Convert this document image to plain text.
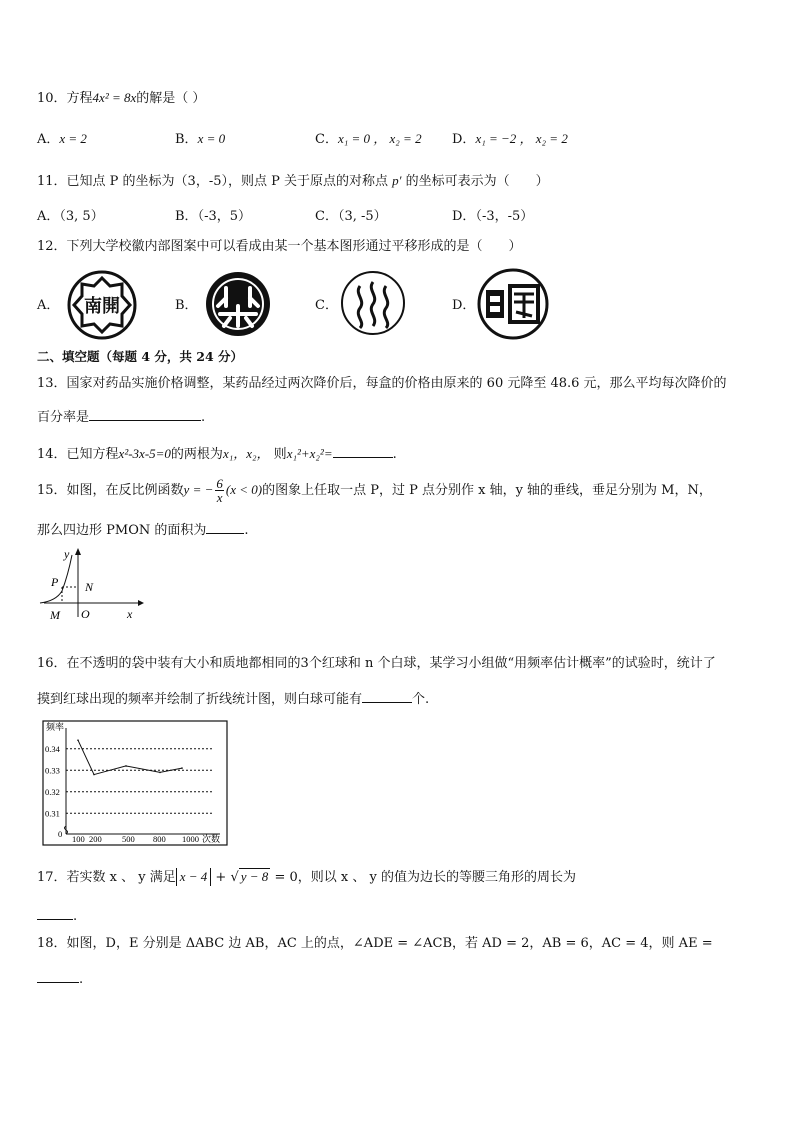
10．方程4x² = 8x的解是（ ）
A．x = 2	B．x = 0	C．x₁ = 0 ， x₂ = 2 D．x₁ = −2 ， x₂ = 2
11．已知点 P 的坐标为（3，-5），则点 P 关于原点的对称点 p′ 的坐标可表示为（　　）
A．（3, 5）	B．（-3，5）	C．（3, -5）	D．（-3，-5）
12．下列大学校徽内部图案中可以看成由某一个基本图形通过平移形成的是（　　）
A． 南開	B．	C．	D．
二、填空题（每题 4 分，共 24 分）
13．国家对药品实施价格调整，某药品经过两次降价后，每盒的价格由原来的 60 元降至 48.6 元，那么平均每次降价的
百分率是	.
14．已知方程x²-3x-5=0的两根为x₁，x₂， 则x₁²+x₂²=	.
15．如图，在反比例函数y = − $\frac{6}{x} (x < 0)$的图象上任取一点 P，过 P 点分别作 x 轴，y 轴的垂线，垂足分别为 M，N，
那么四边形 PMON 的面积为	.
y
P N
M O	x
16．在不透明的袋中装有大小和质地都相同的3个红球和 n 个白球，某学习小组做“用频率估计概率”的试验时，统计了
摸到红球出现的频率并绘制了折线统计图，则白球可能有	个.
频率
次数
0.34
0.33
0.32
0.31
0 100 200 500 800 1000
17．若实数 x 、 y 满足 x − 4 + √ y − 8 = 0，则以 x 、 y 的值为边长的等腰三角形的周长为
.
18．如图，D，E 分别是 ΔABC 边 AB，AC 上的点，∠ADE = ∠ACB，若 AD = 2，AB = 6，AC = 4，则 AE =
.
